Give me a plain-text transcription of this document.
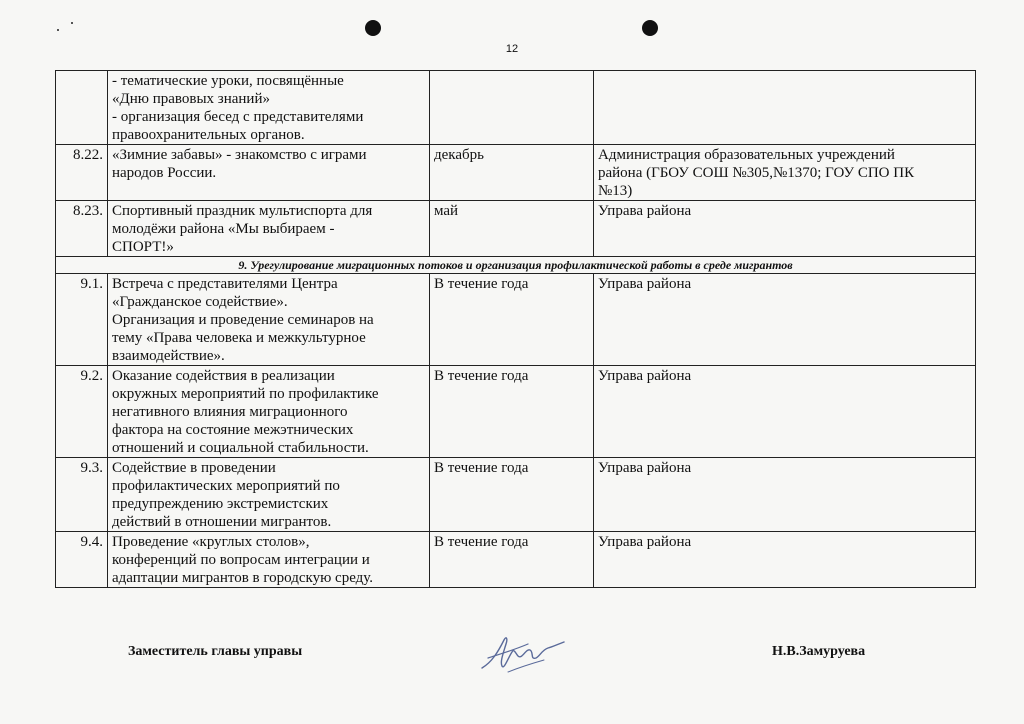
12
	- тематические уроки, посвящённые
«Дню правовых знаний»
- организация бесед с представителями
правоохранительных органов.		
8.22.	«Зимние забавы» - знакомство с играми
народов России.	декабрь	Администрация образовательных учреждений
района (ГБОУ СОШ №305,№1370; ГОУ СПО ПК
№13)
8.23.	Спортивный праздник мультиспорта для
молодёжи района «Мы выбираем -
СПОРТ!»	май	Управа района
9. Урегулирование миграционных потоков и организация профилактической работы в среде мигрантов			
9.1.	Встреча с представителями Центра
«Гражданское содействие».
Организация и проведение семинаров на
тему «Права человека и межкультурное
взаимодействие».	В течение года	Управа района
9.2.	Оказание содействия в реализации
окружных мероприятий по профилактике
негативного влияния миграционного
фактора на состояние межэтнических
отношений и социальной стабильности.	В течение года	Управа района
9.3.	Содействие в проведении
профилактических мероприятий по
предупреждению экстремистских
действий в отношении мигрантов.	В течение года	Управа района
9.4.	Проведение «круглых столов»,
конференций по вопросам интеграции и
адаптации мигрантов в городскую среду.	В течение года	Управа района
Заместитель главы управы	Н.В.Замуруева
